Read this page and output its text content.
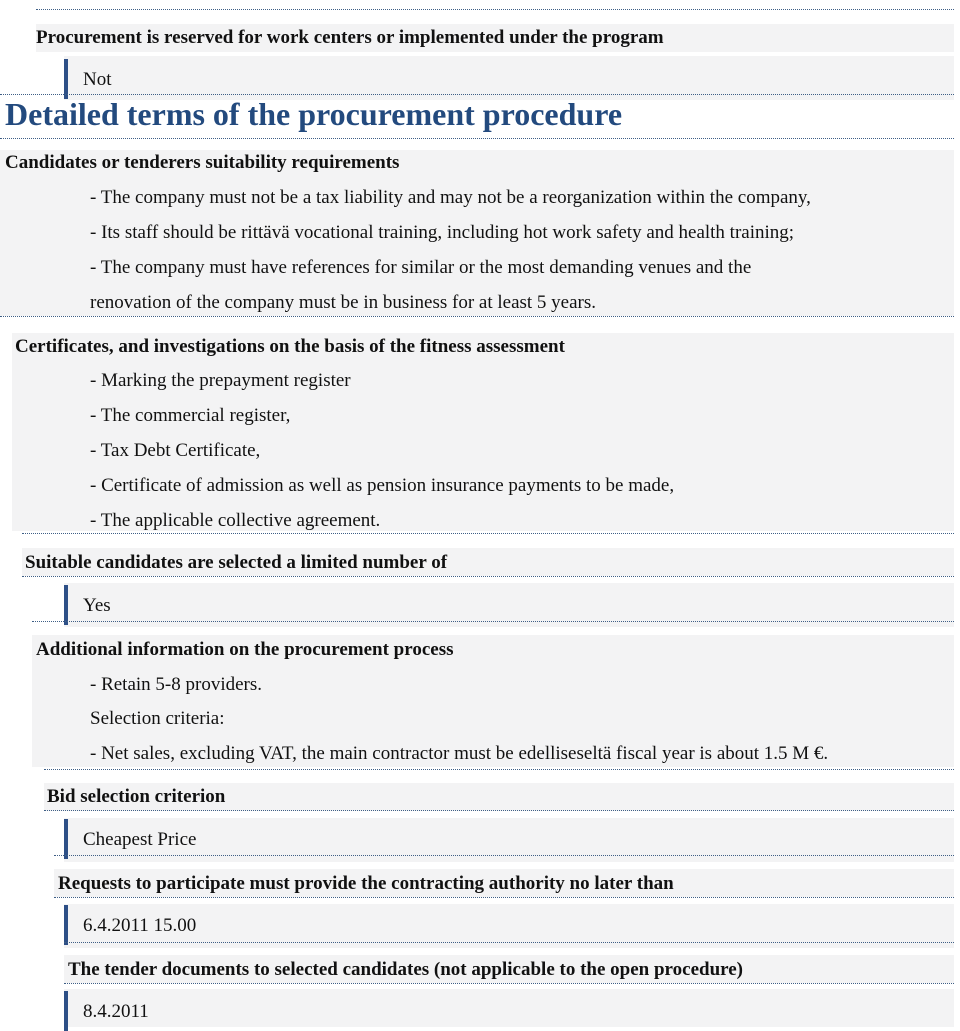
Procurement is reserved for work centers or implemented under the program
Not
Detailed terms of the procurement procedure
Candidates or tenderers suitability requirements
- The company must not be a tax liability and may not be a reorganization within the company,
- Its staff should be rittävä vocational training, including hot work safety and health training;
- The company must have references for similar or the most demanding venues and the
renovation of the company must be in business for at least 5 years.
Certificates, and investigations on the basis of the fitness assessment
- Marking the prepayment register
- The commercial register,
- Tax Debt Certificate,
- Certificate of admission as well as pension insurance payments to be made,
- The applicable collective agreement.
Suitable candidates are selected a limited number of
Yes
Additional information on the procurement process
- Retain 5-8 providers.
Selection criteria:
- Net sales, excluding VAT, the main contractor must be edelliseseltä fiscal year is about 1.5 M €.
Bid selection criterion
Cheapest Price
Requests to participate must provide the contracting authority no later than
6.4.2011 15.00
The tender documents to selected candidates (not applicable to the open procedure)
8.4.2011
